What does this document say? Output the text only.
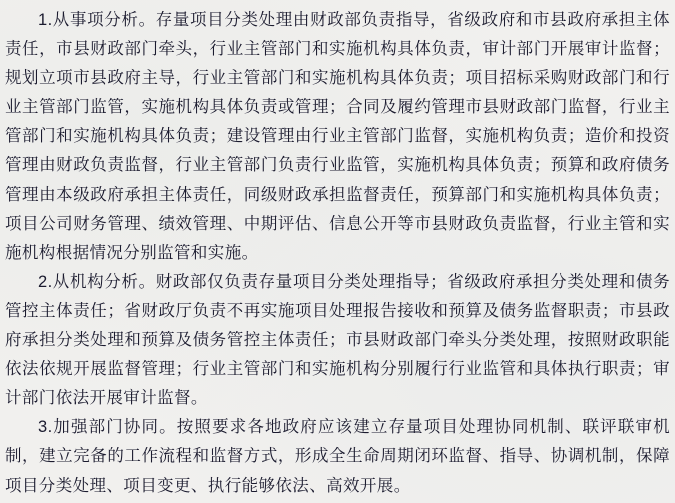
1.从事项分析。存量项目分类处理由财政部负责指导，省级政府和市县政府承担主体责任，市县财政部门牵头，行业主管部门和实施机构具体负责，审计部门开展审计监督；规划立项市县政府主导，行业主管部门和实施机构具体负责；项目招标采购财政部门和行业主管部门监管，实施机构具体负责或管理；合同及履约管理市县财政部门监督，行业主管部门和实施机构具体负责；建设管理由行业主管部门监督，实施机构负责；造价和投资管理由财政负责监督，行业主管部门负责行业监管，实施机构具体负责；预算和政府债务管理由本级政府承担主体责任，同级财政承担监督责任，预算部门和实施机构具体负责；项目公司财务管理、绩效管理、中期评估、信息公开等市县财政负责监督，行业主管和实施机构根据情况分别监管和实施。

2.从机构分析。财政部仅负责存量项目分类处理指导；省级政府承担分类处理和债务管控主体责任；省财政厅负责不再实施项目处理报告接收和预算及债务监督职责；市县政府承担分类处理和预算及债务管控主体责任；市县财政部门牵头分类处理，按照财政职能依法依规开展监督管理；行业主管部门和实施机构分别履行行业监管和具体执行职责；审计部门依法开展审计监督。

3.加强部门协同。按照要求各地政府应该建立存量项目处理协同机制、联评联审机制，建立完备的工作流程和监督方式，形成全生命周期闭环监督、指导、协调机制，保障项目分类处理、项目变更、执行能够依法、高效开展。
